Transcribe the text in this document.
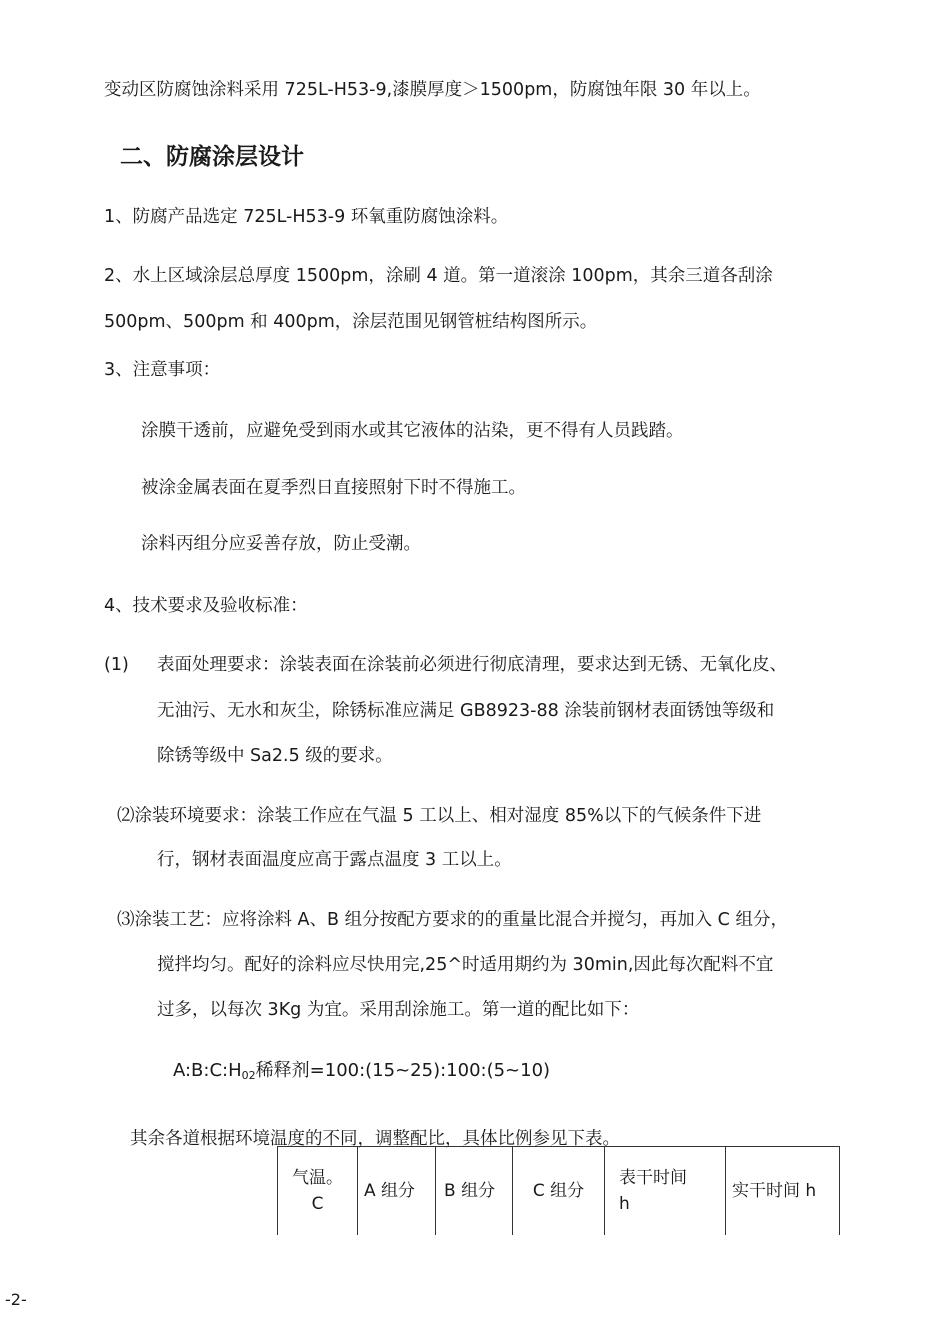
变动区防腐蚀涂料采用 725L-H53-9,漆膜厚度＞1500pm，防腐蚀年限 30 年以上。
二、防腐涂层设计
1、防腐产品选定 725L-H53-9 环氧重防腐蚀涂料。
2、水上区域涂层总厚度 1500pm，涂刷 4 道。第一道滚涂 100pm，其余三道各刮涂
500pm、500pm 和 400pm，涂层范围见钢管桩结构图所示。
3、注意事项：
涂膜干透前，应避免受到雨水或其它液体的沾染，更不得有人员践踏。
被涂金属表面在夏季烈日直接照射下时不得施工。
涂料丙组分应妥善存放，防止受潮。
4、技术要求及验收标准：
(1) 表面处理要求：涂装表面在涂装前必须进行彻底清理，要求达到无锈、无氧化皮、
无油污、无水和灰尘，除锈标准应满足 GB8923-88 涂装前钢材表面锈蚀等级和
除锈等级中 Sa2.5 级的要求。
⑵涂装环境要求：涂装工作应在气温 5 工以上、相对湿度 85%以下的气候条件下进
行，钢材表面温度应高于露点温度 3 工以上。
⑶涂装工艺：应将涂料 A、B 组分按配方要求的的重量比混合并搅匀，再加入 C 组分，
搅拌均匀。配好的涂料应尽快用完,25^时适用期约为 30min,因此每次配料不宜
过多，以每次 3Kg 为宜。采用刮涂施工。第一道的配比如下：
$A:B:C:H_{02}$稀释剂=100:(15~25):100:(5~10)
其余各道根据环境温度的不同，调整配比，具体比例参见下表。
气温。C	A 组分	B 组分	C 组分	表干时间 h	实干时间 h
-2-
